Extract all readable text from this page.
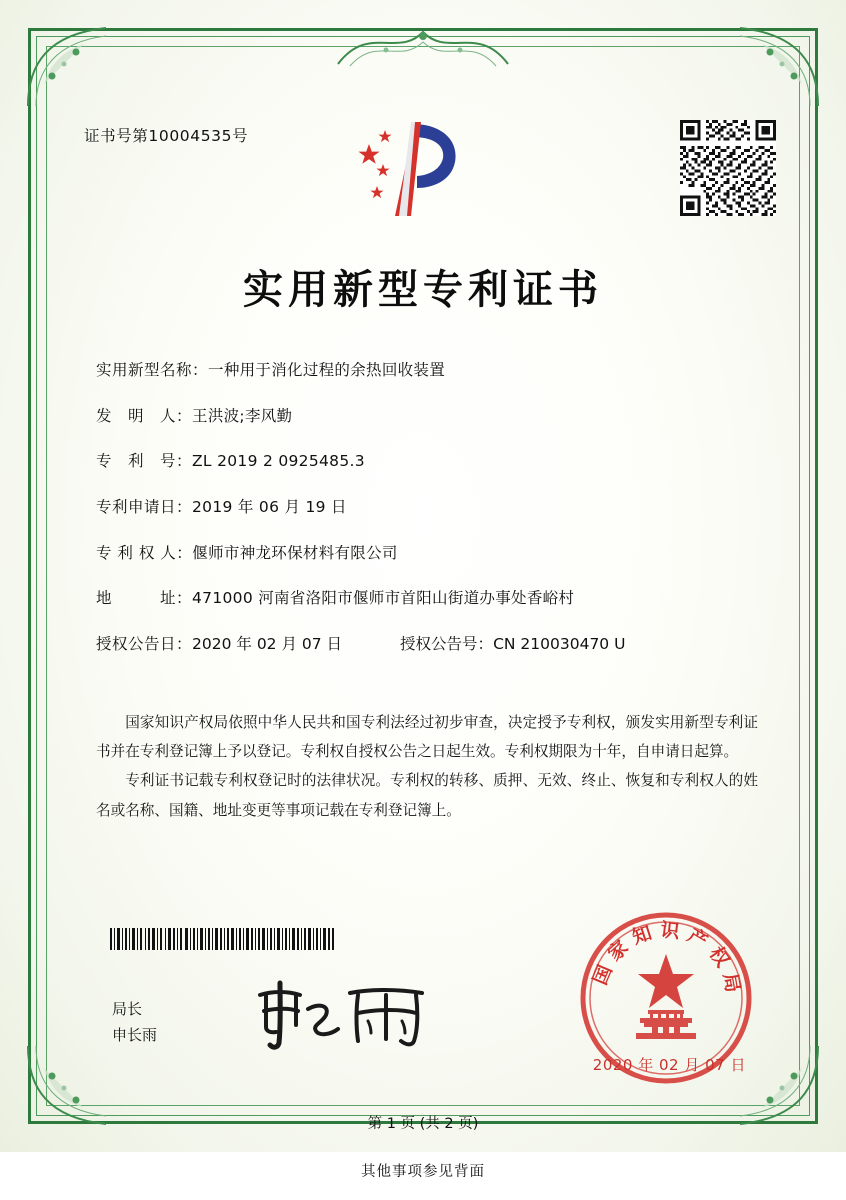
证书号第10004535号
实用新型专利证书
实用新型名称： 一种用于消化过程的余热回收装置
发　明　人： 王洪波;李风勤
专　利　号： ZL 2019 2 0925485.3
专利申请日： 2019 年 06 月 19 日
专 利 权 人： 偃师市神龙环保材料有限公司
地　　　址： 471000 河南省洛阳市偃师市首阳山街道办事处香峪村
授权公告日： 2020 年 02 月 07 日	授权公告号： CN 210030470 U

国家知识产权局依照中华人民共和国专利法经过初步审查，决定授予专利权，颁发实用新型专利证书并在专利登记簿上予以登记。专利权自授权公告之日起生效。专利权期限为十年，自申请日起算。

专利证书记载专利权登记时的法律状况。专利权的转移、质押、无效、终止、恢复和专利权人的姓名或名称、国籍、地址变更等事项记载在专利登记簿上。

局长
申长雨
国家知识产权局
2020 年 02 月 07 日
第 1 页 (共 2 页)
其他事项参见背面
